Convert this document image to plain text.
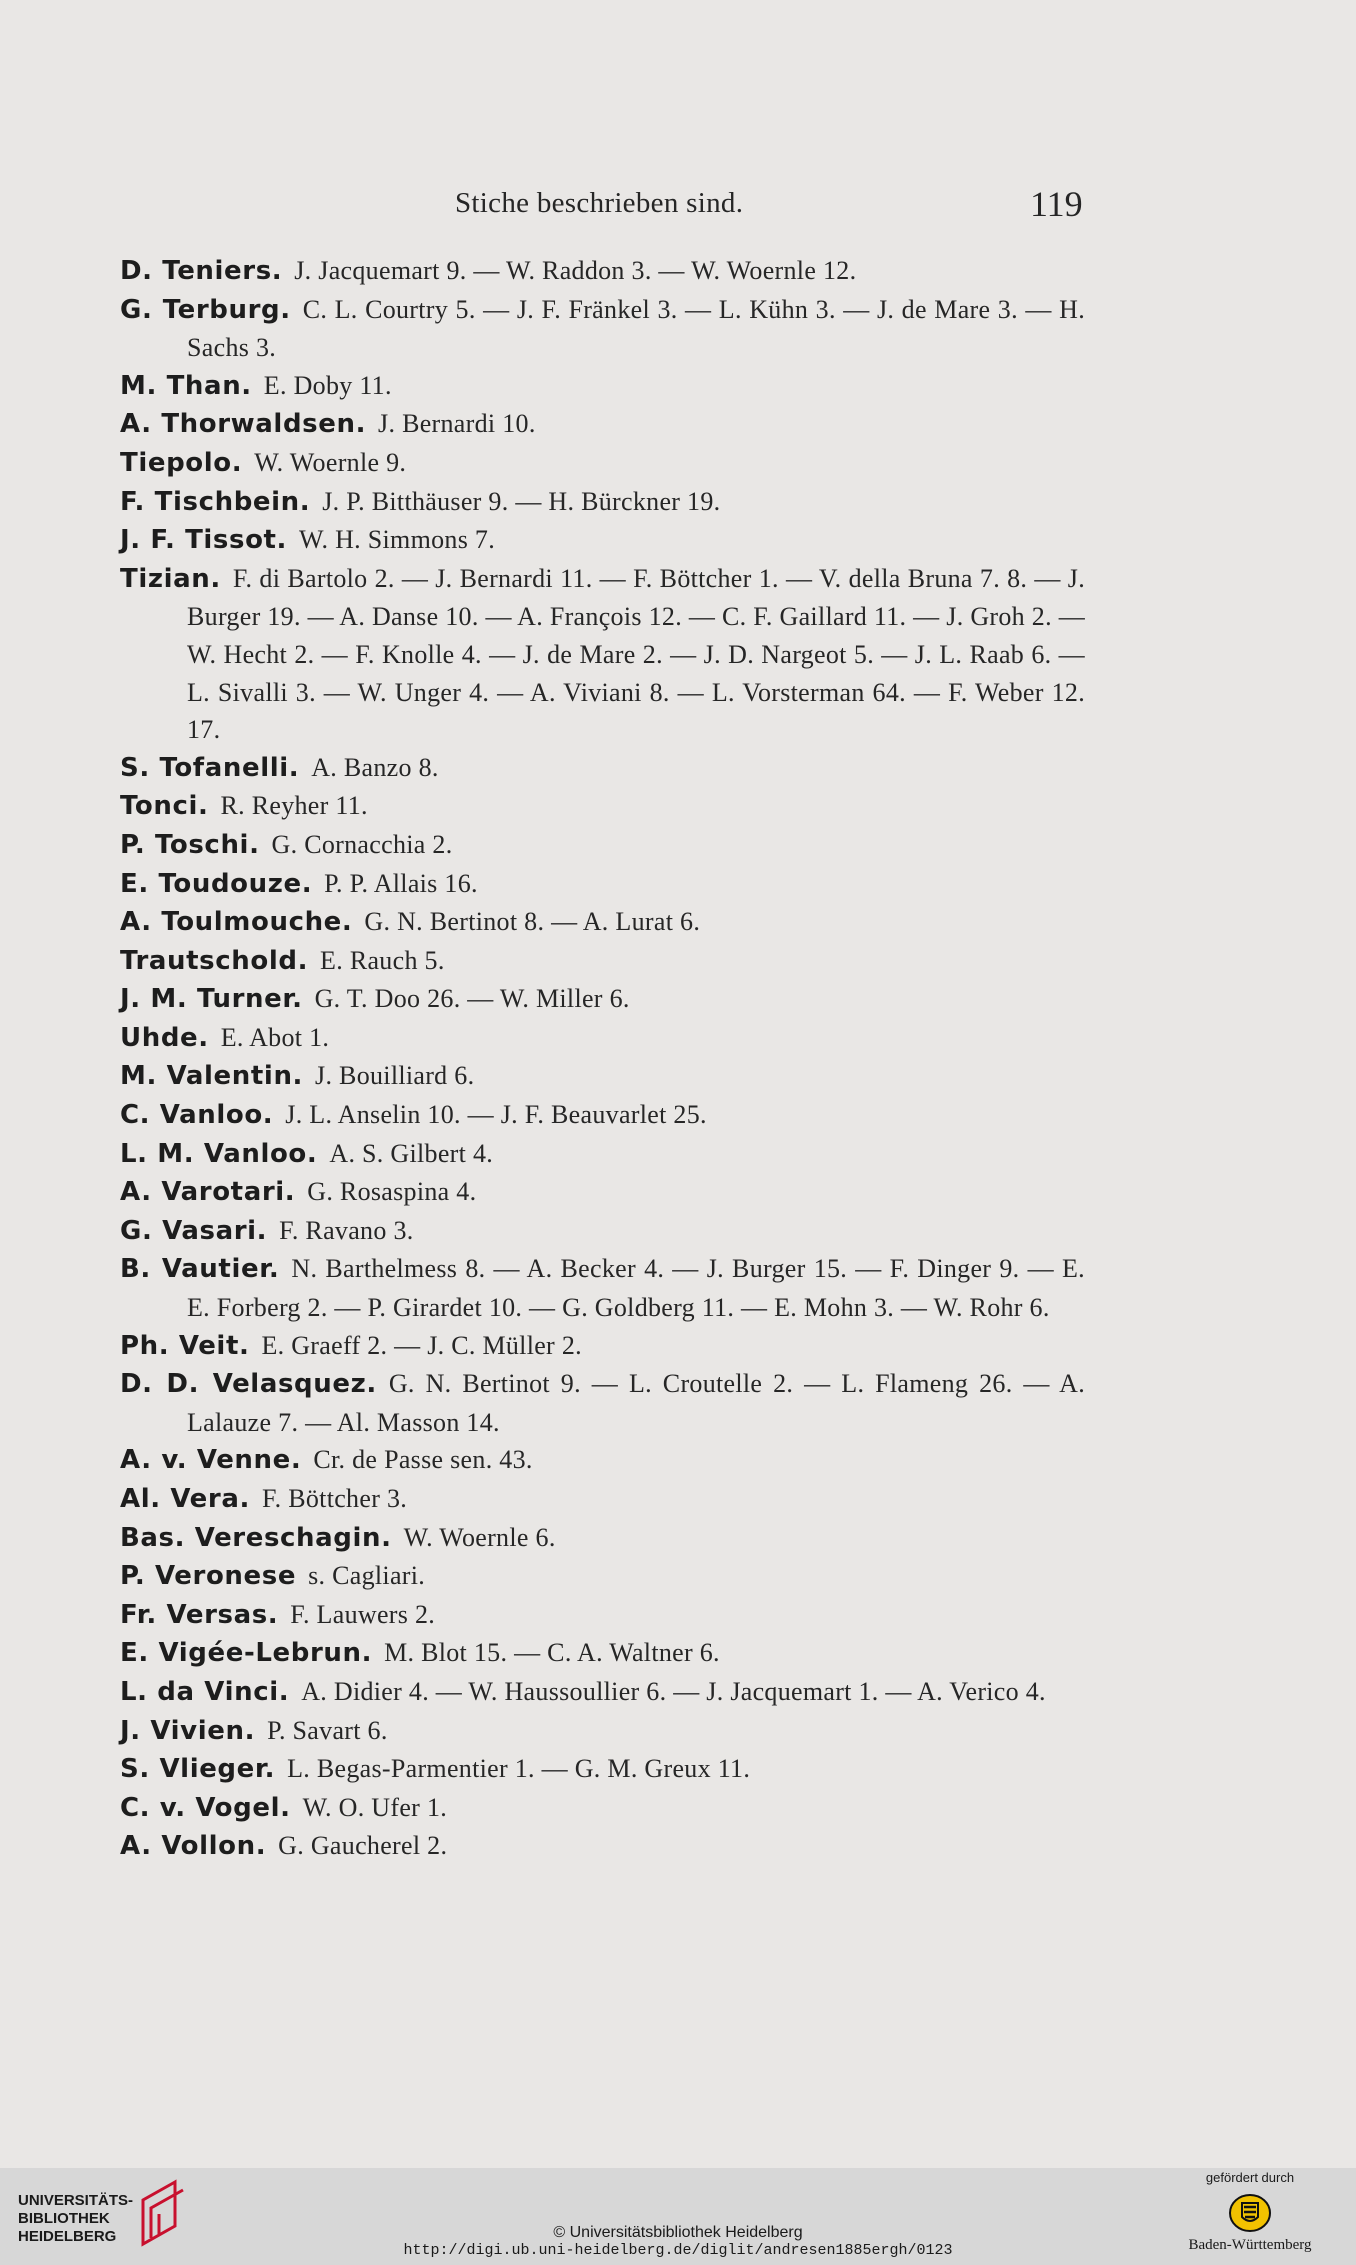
Stiche beschrieben sind.	119
D. Teniers. J. Jacquemart 9. — W. Raddon 3. — W. Woernle 12.
G. Terburg. C. L. Courtry 5. — J. F. Fränkel 3. — L. Kühn 3. — J. de Mare 3. — H. Sachs 3.
M. Than. E. Doby 11.
A. Thorwaldsen. J. Bernardi 10.
Tiepolo. W. Woernle 9.
F. Tischbein. J. P. Bitthäuser 9. — H. Bürckner 19.
J. F. Tissot. W. H. Simmons 7.
Tizian. F. di Bartolo 2. — J. Bernardi 11. — F. Böttcher 1. — V. della Bruna 7. 8. — J. Burger 19. — A. Danse 10. — A. François 12. — C. F. Gaillard 11. — J. Groh 2. — W. Hecht 2. — F. Knolle 4. — J. de Mare 2. — J. D. Nargeot 5. — J. L. Raab 6. — L. Sivalli 3. — W. Unger 4. — A. Viviani 8. — L. Vorsterman 64. — F. Weber 12. 17.
S. Tofanelli. A. Banzo 8.
Tonci. R. Reyher 11.
P. Toschi. G. Cornacchia 2.
E. Toudouze. P. P. Allais 16.
A. Toulmouche. G. N. Bertinot 8. — A. Lurat 6.
Trautschold. E. Rauch 5.
J. M. Turner. G. T. Doo 26. — W. Miller 6.
Uhde. E. Abot 1.
M. Valentin. J. Bouilliard 6.
C. Vanloo. J. L. Anselin 10. — J. F. Beauvarlet 25.
L. M. Vanloo. A. S. Gilbert 4.
A. Varotari. G. Rosaspina 4.
G. Vasari. F. Ravano 3.
B. Vautier. N. Barthelmess 8. — A. Becker 4. — J. Burger 15. — F. Dinger 9. — E. E. Forberg 2. — P. Girardet 10. — G. Goldberg 11. — E. Mohn 3. — W. Rohr 6.
Ph. Veit. E. Graeff 2. — J. C. Müller 2.
D. D. Velasquez. G. N. Bertinot 9. — L. Croutelle 2. — L. Flameng 26. — A. Lalauze 7. — Al. Masson 14.
A. v. Venne. Cr. de Passe sen. 43.
Al. Vera. F. Böttcher 3.
Bas. Vereschagin. W. Woernle 6.
P. Veronese s. Cagliari.
Fr. Versas. F. Lauwers 2.
E. Vigée-Lebrun. M. Blot 15. — C. A. Waltner 6.
L. da Vinci. A. Didier 4. — W. Haussoullier 6. — J. Jacquemart 1. — A. Verico 4.
J. Vivien. P. Savart 6.
S. Vlieger. L. Begas-Parmentier 1. — G. M. Greux 11.
C. v. Vogel. W. O. Ufer 1.
A. Vollon. G. Gaucherel 2.
UNIVERSITÄTS-
BIBLIOTHEK
HEIDELBERG	© Universitätsbibliothek Heidelberg
http://digi.ub.uni-heidelberg.de/diglit/andresen1885ergh/0123
gefördert durch
Baden-Württemberg
